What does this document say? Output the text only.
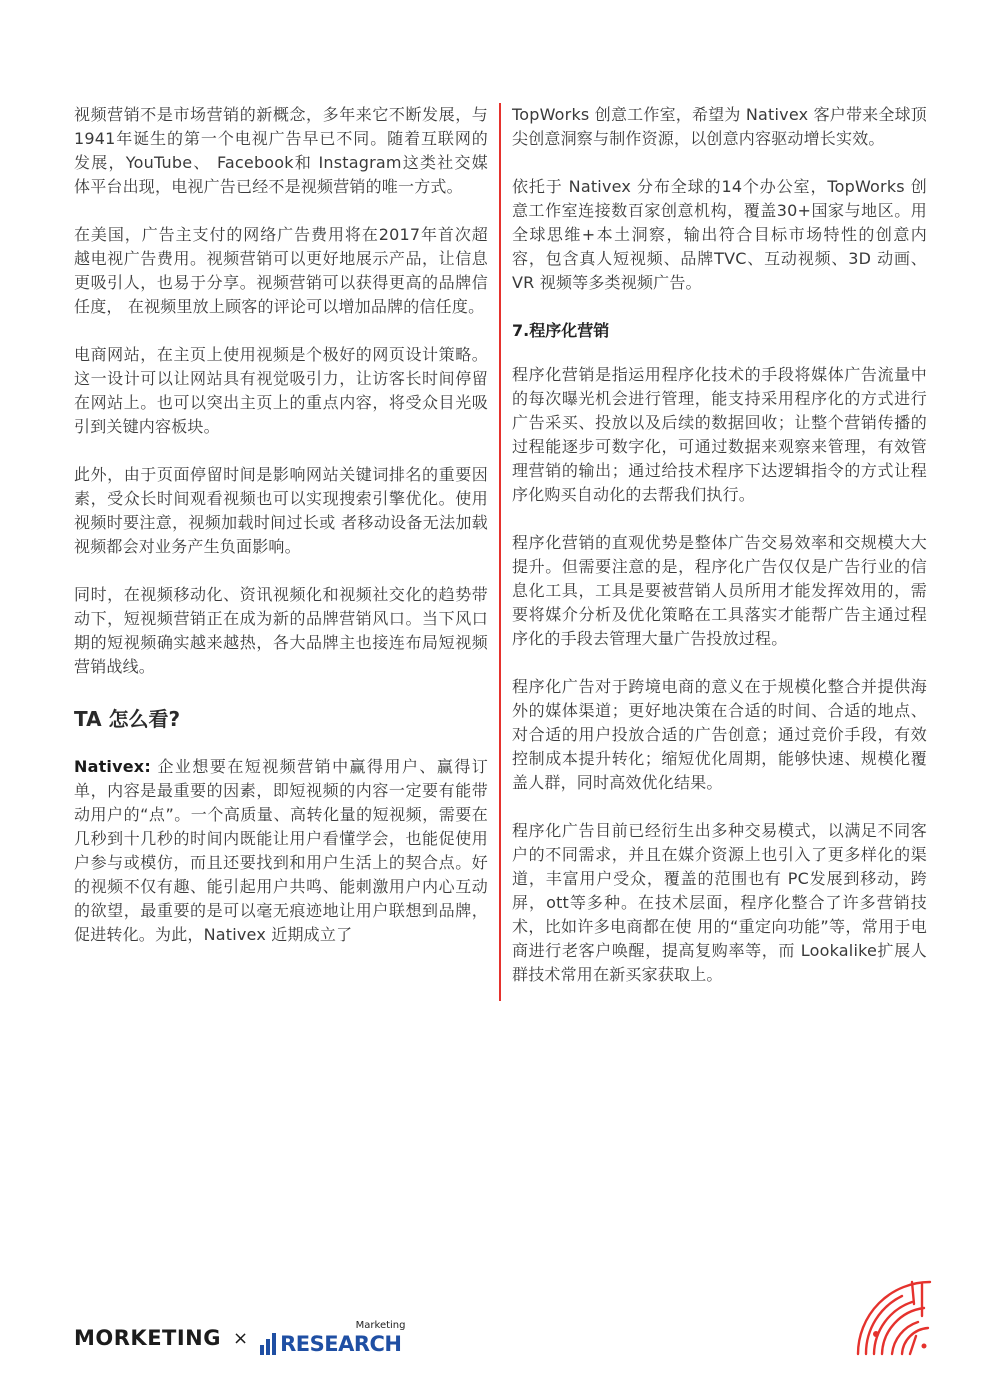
视频营销不是市场营销的新概念，多年来它不断发展，与1941年诞生的第一个电视广告早已不同。随着互联网的发展，YouTube、 Facebook和 Instagram这类社交媒体平台出现，电视广告已经不是视频营销的唯一方式。

在美国，广告主支付的网络广告费用将在2017年首次超越电视广告费用。视频营销可以更好地展示产品，让信息更吸引人，也易于分享。视频营销可以获得更高的品牌信任度， 在视频里放上顾客的评论可以增加品牌的信任度。

电商网站，在主页上使用视频是个极好的网页设计策略。这一设计可以让网站具有视觉吸引力，让访客长时间停留在网站上。也可以突出主页上的重点内容，将受众目光吸引到关键内容板块。

此外，由于页面停留时间是影响网站关键词排名的重要因素，受众长时间观看视频也可以实现搜索引擎优化。使用视频时要注意，视频加载时间过长或 者移动设备无法加载视频都会对业务产生负面影响。

同时，在视频移动化、资讯视频化和视频社交化的趋势带动下，短视频营销正在成为新的品牌营销风口。当下风口期的短视频确实越来越热，各大品牌主也接连布局短视频营销战线。

TA 怎么看?

Nativex: 企业想要在短视频营销中赢得用户、赢得订单，内容是最重要的因素，即短视频的内容一定要有能带动用户的“点”。一个高质量、高转化量的短视频，需要在几秒到十几秒的时间内既能让用户看懂学会，也能促使用户参与或模仿，而且还要找到和用户生活上的契合点。好的视频不仅有趣、能引起用户共鸣、能刺激用户内心互动的欲望，最重要的是可以毫无痕迹地让用户联想到品牌，促进转化。为此，Nativex 近期成立了

TopWorks 创意工作室，希望为 Nativex 客户带来全球顶尖创意洞察与制作资源，以创意内容驱动增长实效。

依托于 Nativex 分布全球的14个办公室，TopWorks 创意工作室连接数百家创意机构，覆盖30+国家与地区。用全球思维+本土洞察，输出符合目标市场特性的创意内容，包含真人短视频、品牌TVC、互动视频、3D 动画、VR 视频等多类视频广告。

7.程序化营销

程序化营销是指运用程序化技术的手段将媒体广告流量中的每次曝光机会进行管理，能支持采用程序化的方式进行广告采买、投放以及后续的数据回收；让整个营销传播的过程能逐步可数字化，可通过数据来观察来管理，有效管理营销的输出；通过给技术程序下达逻辑指令的方式让程序化购买自动化的去帮我们执行。

程序化营销的直观优势是整体广告交易效率和交规模大大提升。但需要注意的是，程序化广告仅仅是广告行业的信息化工具，工具是要被营销人员所用才能发挥效用的，需要将媒介分析及优化策略在工具落实才能帮广告主通过程序化的手段去管理大量广告投放过程。

程序化广告对于跨境电商的意义在于规模化整合并提供海外的媒体渠道；更好地决策在合适的时间、合适的地点、对合适的用户投放合适的广告创意；通过竞价手段，有效控制成本提升转化；缩短优化周期，能够快速、规模化覆盖人群，同时高效优化结果。

程序化广告目前已经衍生出多种交易模式，以满足不同客户的不同需求，并且在媒介资源上也引入了更多样化的渠道，丰富用户受众，覆盖的范围也有 PC发展到移动，跨屏，ott等多种。在技术层面，程序化整合了许多营销技术，比如许多电商都在使 用的“重定向功能”等，常用于电商进行老客户唤醒，提高复购率等，而 Lookalike扩展人群技术常用在新买家获取上。

MORKETING × RESEARCH
Marketing
